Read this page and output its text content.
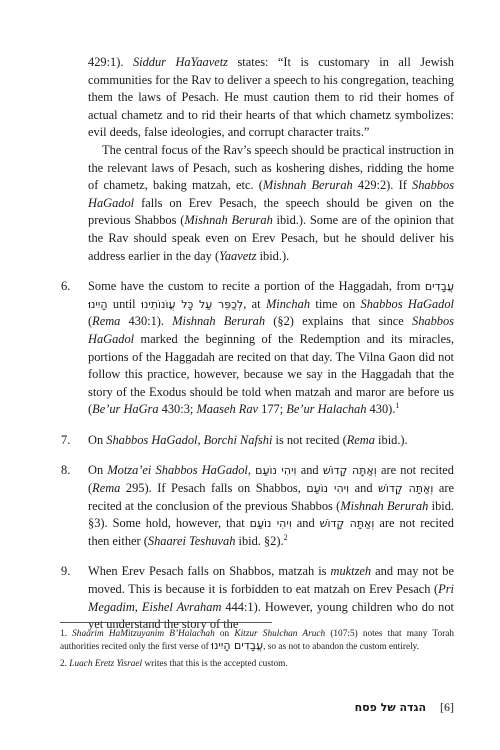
429:1). Siddur HaYaavetz states: “It is customary in all Jewish communities for the Rav to deliver a speech to his congregation, teaching them the laws of Pesach. He must caution them to rid their homes of actual chametz and to rid their hearts of that which chametz symbolizes: evil deeds, false ideologies, and corrupt character traits.”

The central focus of the Rav’s speech should be practical instruction in the relevant laws of Pesach, such as koshering dishes, ridding the home of chametz, baking matzah, etc. (Mishnah Berurah 429:2). If Shabbos HaGadol falls on Erev Pesach, the speech should be given on the previous Shabbos (Mishnah Berurah ibid.). Some are of the opinion that the Rav should speak even on Erev Pesach, but he should deliver his address earlier in the day (Yaavetz ibid.).

6. Some have the custom to recite a portion of the Haggadah, from עֲבָדִים הָיִינוּ until לְכַפֵּר עַל כָּל עֲוֹנוֹתֵינוּ, at Minchah time on Shabbos HaGadol (Rema 430:1). Mishnah Berurah (§2) explains that since Shabbos HaGadol marked the beginning of the Redemption and its miracles, portions of the Haggadah are recited on that day. The Vilna Gaon did not follow this practice, however, because we say in the Haggadah that the story of the Exodus should be told when matzah and maror are before us (Be’ur HaGra 430:3; Maaseh Rav 177; Be’ur Halachah 430).$^1$

7. On Shabbos HaGadol, Borchi Nafshi is not recited (Rema ibid.).

8. On Motza’ei Shabbos HaGadol, וִיהִי נוֹעַם and וְאַתָּה קָדוֹשׁ are not recited (Rema 295). If Pesach falls on Shabbos, וִיהִי נוֹעַם and וְאַתָּה קָדוֹשׁ are recited at the conclusion of the previous Shabbos (Mishnah Berurah ibid. §3). Some hold, however, that וִיהִי נוֹעַם and וְאַתָּה קָדוֹשׁ are not recited then either (Shaarei Teshuvah ibid. §2).$^2$

9. When Erev Pesach falls on Shabbos, matzah is muktzeh and may not be moved. This is because it is forbidden to eat matzah on Erev Pesach (Pri Megadim, Eishel Avraham 444:1). However, young children who do not yet understand the story of the

1. Shaarim HaMitzuyanim B’Halachah on Kitzur Shulchan Aruch (107:5) notes that many Torah authorities recited only the first verse of עֲבָדִים הָיִינוּ, so as not to abandon the custom entirely.

2. Luach Eretz Yisrael writes that this is the accepted custom.

הגדה של פסח [6]
